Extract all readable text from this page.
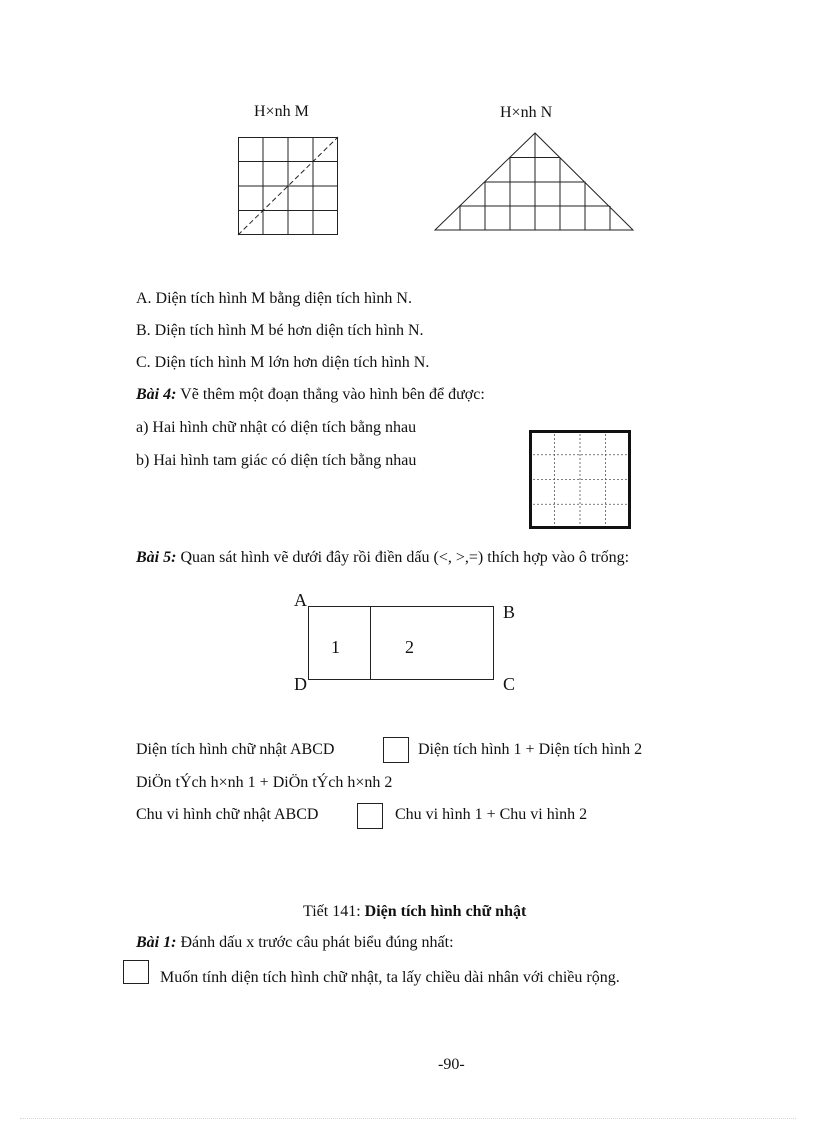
H×nh M	H×nh N
A. Diện tích hình M bằng diện tích hình N.
B. Diện tích hình M bé hơn diện tích hình N.
C. Diện tích hình M lớn hơn diện tích hình N.
Bài 4: Vẽ thêm một đoạn thẳng vào hình bên để được:
a) Hai hình chữ nhật có diện tích bằng nhau
b) Hai hình tam giác có diện tích bằng nhau
Bài 5: Quan sát hình vẽ dưới đây rồi điền dấu (<, >,=) thích hợp vào ô trống:
A
B
C
D
1	2
Diện tích hình chữ nhật ABCD	Diện tích hình 1 + Diện tích hình 2
DiÖn tÝch h×nh 1 + DiÖn tÝch h×nh 2
Chu vi hình chữ nhật ABCD	Chu vi hình 1 + Chu vi hình 2
Tiết 141: Diện tích hình chữ nhật
Bài 1: Đánh dấu x trước câu phát biểu đúng nhất:
Muốn tính diện tích hình chữ nhật, ta lấy chiều dài nhân với chiều rộng.
-90-
